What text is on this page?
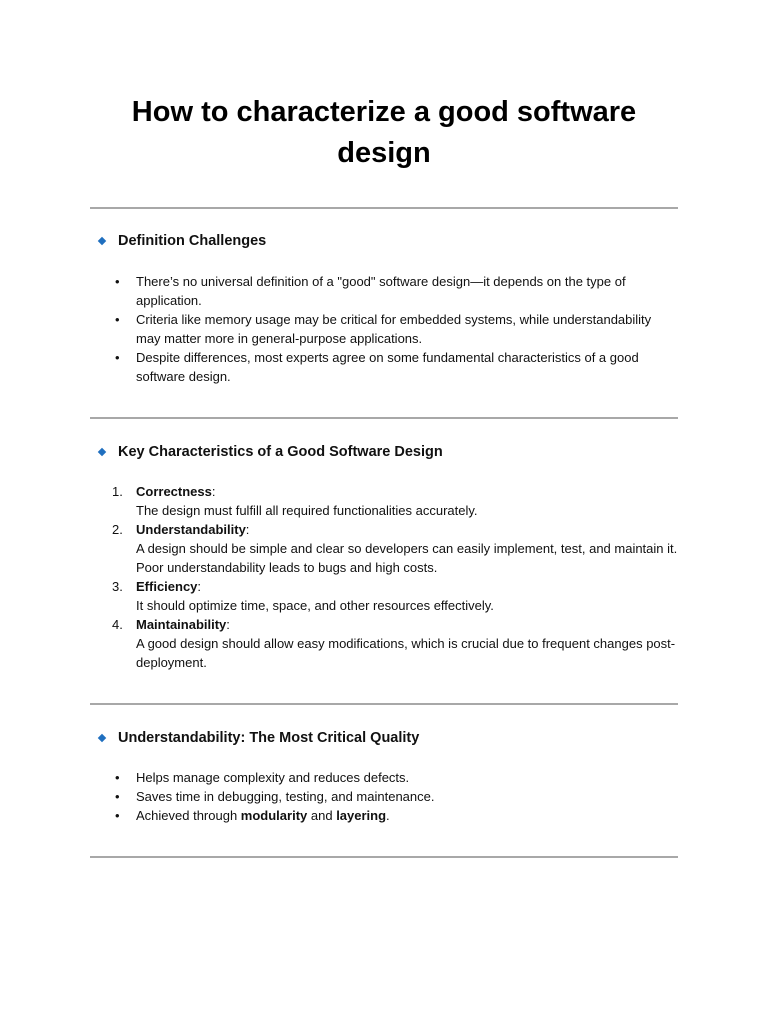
How to characterize a good software design
Definition Challenges
•	There’s no universal definition of a "good" software design—it depends on the type of application.
•	Criteria like memory usage may be critical for embedded systems, while understandability may matter more in general-purpose applications.
•	Despite differences, most experts agree on some fundamental characteristics of a good software design.
Key Characteristics of a Good Software Design
1.	Correctness:
The design must fulfill all required functionalities accurately.
2.	Understandability:
A design should be simple and clear so developers can easily implement, test, and maintain it. Poor understandability leads to bugs and high costs.
3.	Efficiency:
It should optimize time, space, and other resources effectively.
4.	Maintainability:
A good design should allow easy modifications, which is crucial due to frequent changes post-deployment.
Understandability: The Most Critical Quality
•	Helps manage complexity and reduces defects.
•	Saves time in debugging, testing, and maintenance.
•	Achieved through modularity and layering.
